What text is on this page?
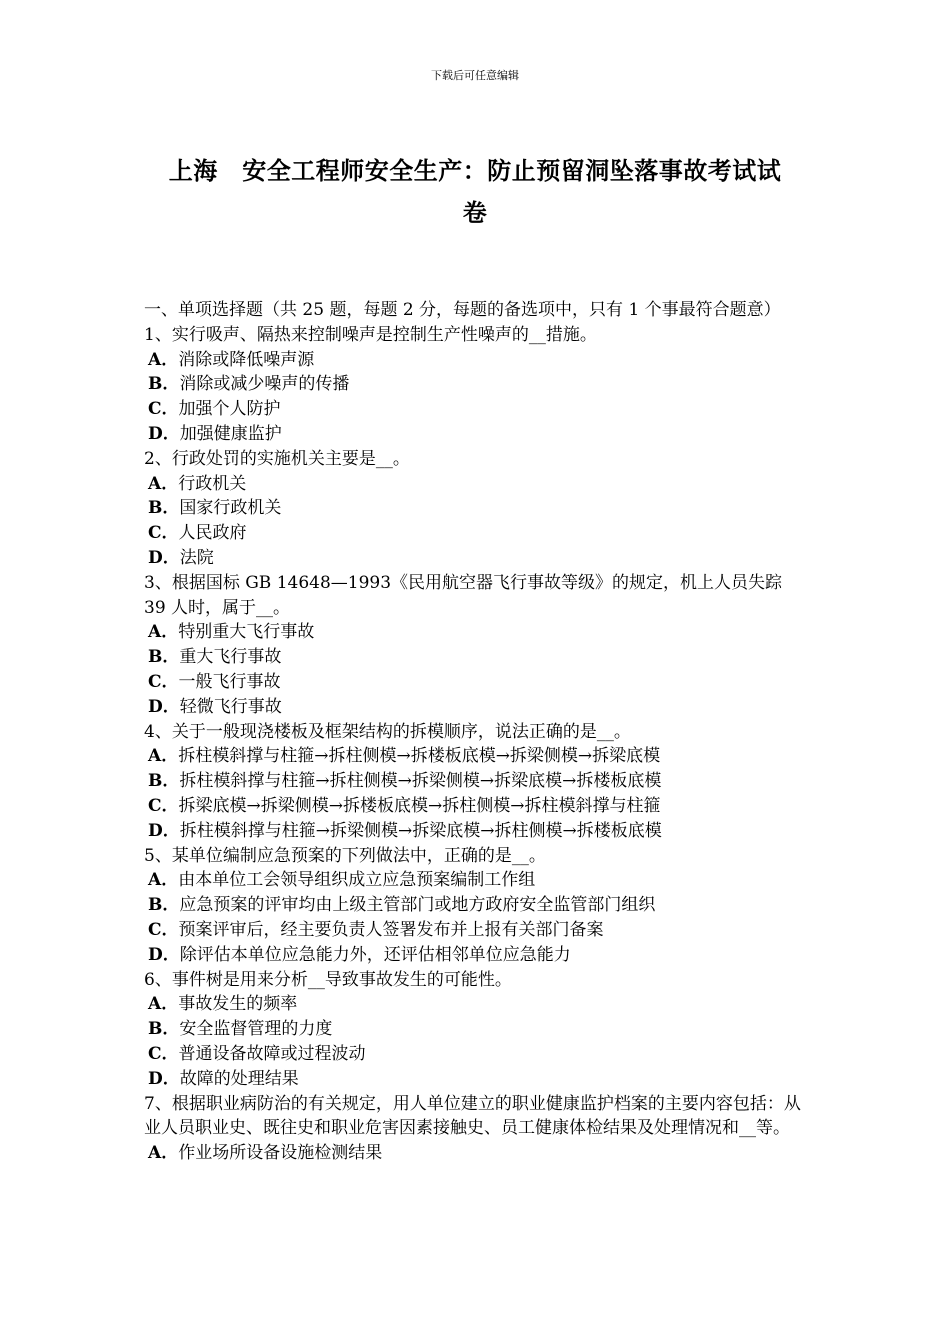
下载后可任意编辑
上海　安全工程师安全生产：防止预留洞坠落事故考试试
卷

一、单项选择题（共 25 题，每题 2 分，每题的备选项中，只有 1 个事最符合题意）

1、实行吸声、隔热来控制噪声是控制生产性噪声的__措施。

A．消除或降低噪声源

B．消除或减少噪声的传播

C．加强个人防护

D．加强健康监护

2、行政处罚的实施机关主要是__。

A．行政机关

B．国家行政机关

C．人民政府

D．法院

3、根据国标 GB 14648—1993《民用航空器飞行事故等级》的规定，机上人员失踪 39 人时，属于__。

A．特别重大飞行事故

B．重大飞行事故

C．一般飞行事故

D．轻微飞行事故

4、关于一般现浇楼板及框架结构的拆模顺序，说法正确的是__。

A．拆柱模斜撑与柱箍→拆柱侧模→拆楼板底模→拆梁侧模→拆梁底模

B．拆柱模斜撑与柱箍→拆柱侧模→拆梁侧模→拆梁底模→拆楼板底模

C．拆梁底模→拆梁侧模→拆楼板底模→拆柱侧模→拆柱模斜撑与柱箍

D．拆柱模斜撑与柱箍→拆梁侧模→拆梁底模→拆柱侧模→拆楼板底模

5、某单位编制应急预案的下列做法中，正确的是__。

A．由本单位工会领导组织成立应急预案编制工作组

B．应急预案的评审均由上级主管部门或地方政府安全监管部门组织

C．预案评审后，经主要负责人签署发布并上报有关部门备案

D．除评估本单位应急能力外，还评估相邻单位应急能力

6、事件树是用来分析__导致事故发生的可能性。

A．事故发生的频率

B．安全监督管理的力度

C．普通设备故障或过程波动

D．故障的处理结果

7、根据职业病防治的有关规定，用人单位建立的职业健康监护档案的主要内容包括：从业人员职业史、既往史和职业危害因素接触史、员工健康体检结果及处理情况和__等。

A．作业场所设备设施检测结果
